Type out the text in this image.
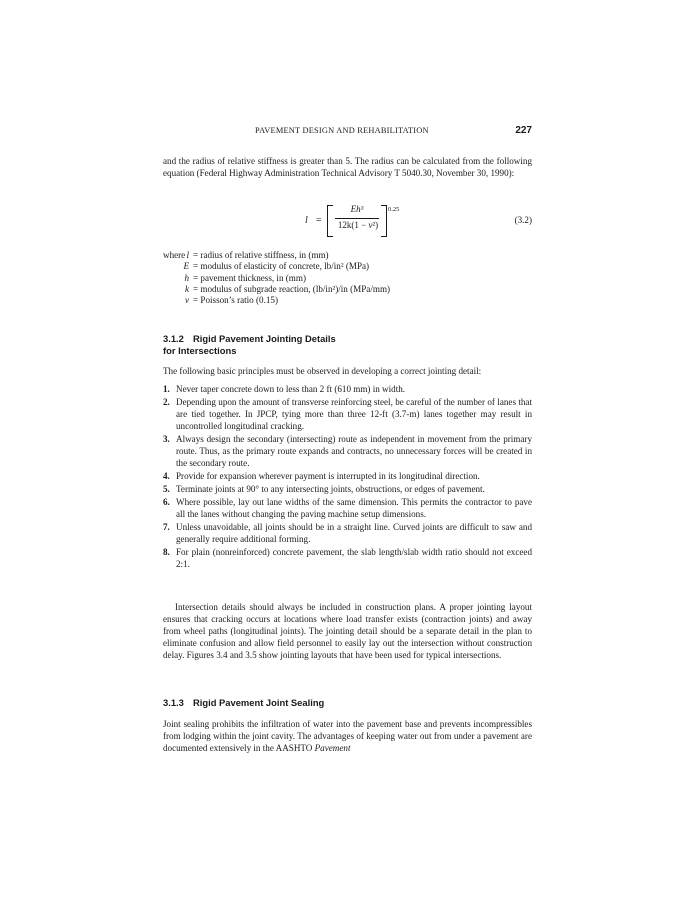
PAVEMENT DESIGN AND REHABILITATION	227

and the radius of relative stiffness is greater than 5. The radius can be calculated from the following equation (Federal Highway Administration Technical Advisory T 5040.30, November 30, 1990):

l =
Eh³
12k(1 − ν²)
0.25
(3.2)
where l = radius of relative stiffness, in (mm)
E = modulus of elasticity of concrete, lb/in² (MPa)
h = pavement thickness, in (mm)
k = modulus of subgrade reaction, (lb/in²)/in (MPa/mm)
ν = Poisson’s ratio (0.15)
3.1.2 Rigid Pavement Jointing Details
for Intersections

The following basic principles must be observed in developing a correct jointing detail:

1. Never taper concrete down to less than 2 ft (610 mm) in width.
2. Depending upon the amount of transverse reinforcing steel, be careful of the number of lanes that are tied together. In JPCP, tying more than three 12-ft (3.7-m) lanes together may result in uncontrolled longitudinal cracking.
3. Always design the secondary (intersecting) route as independent in movement from the primary route. Thus, as the primary route expands and contracts, no unnecessary forces will be created in the secondary route.
4. Provide for expansion wherever payment is interrupted in its longitudinal direction.
5. Terminate joints at 90° to any intersecting joints, obstructions, or edges of pavement.
6. Where possible, lay out lane widths of the same dimension. This permits the contractor to pave all the lanes without changing the paving machine setup dimensions.
7. Unless unavoidable, all joints should be in a straight line. Curved joints are difficult to saw and generally require additional forming.
8. For plain (nonreinforced) concrete pavement, the slab length/slab width ratio should not exceed 2:1.

Intersection details should always be included in construction plans. A proper jointing layout ensures that cracking occurs at locations where load transfer exists (contraction joints) and away from wheel paths (longitudinal joints). The jointing detail should be a separate detail in the plan to eliminate confusion and allow field personnel to easily lay out the intersection without construction delay. Figures 3.4 and 3.5 show jointing layouts that have been used for typical intersections.

3.1.3 Rigid Pavement Joint Sealing

Joint sealing prohibits the infiltration of water into the pavement base and prevents incompressibles from lodging within the joint cavity. The advantages of keeping water out from under a pavement are documented extensively in the AASHTO Pavement
